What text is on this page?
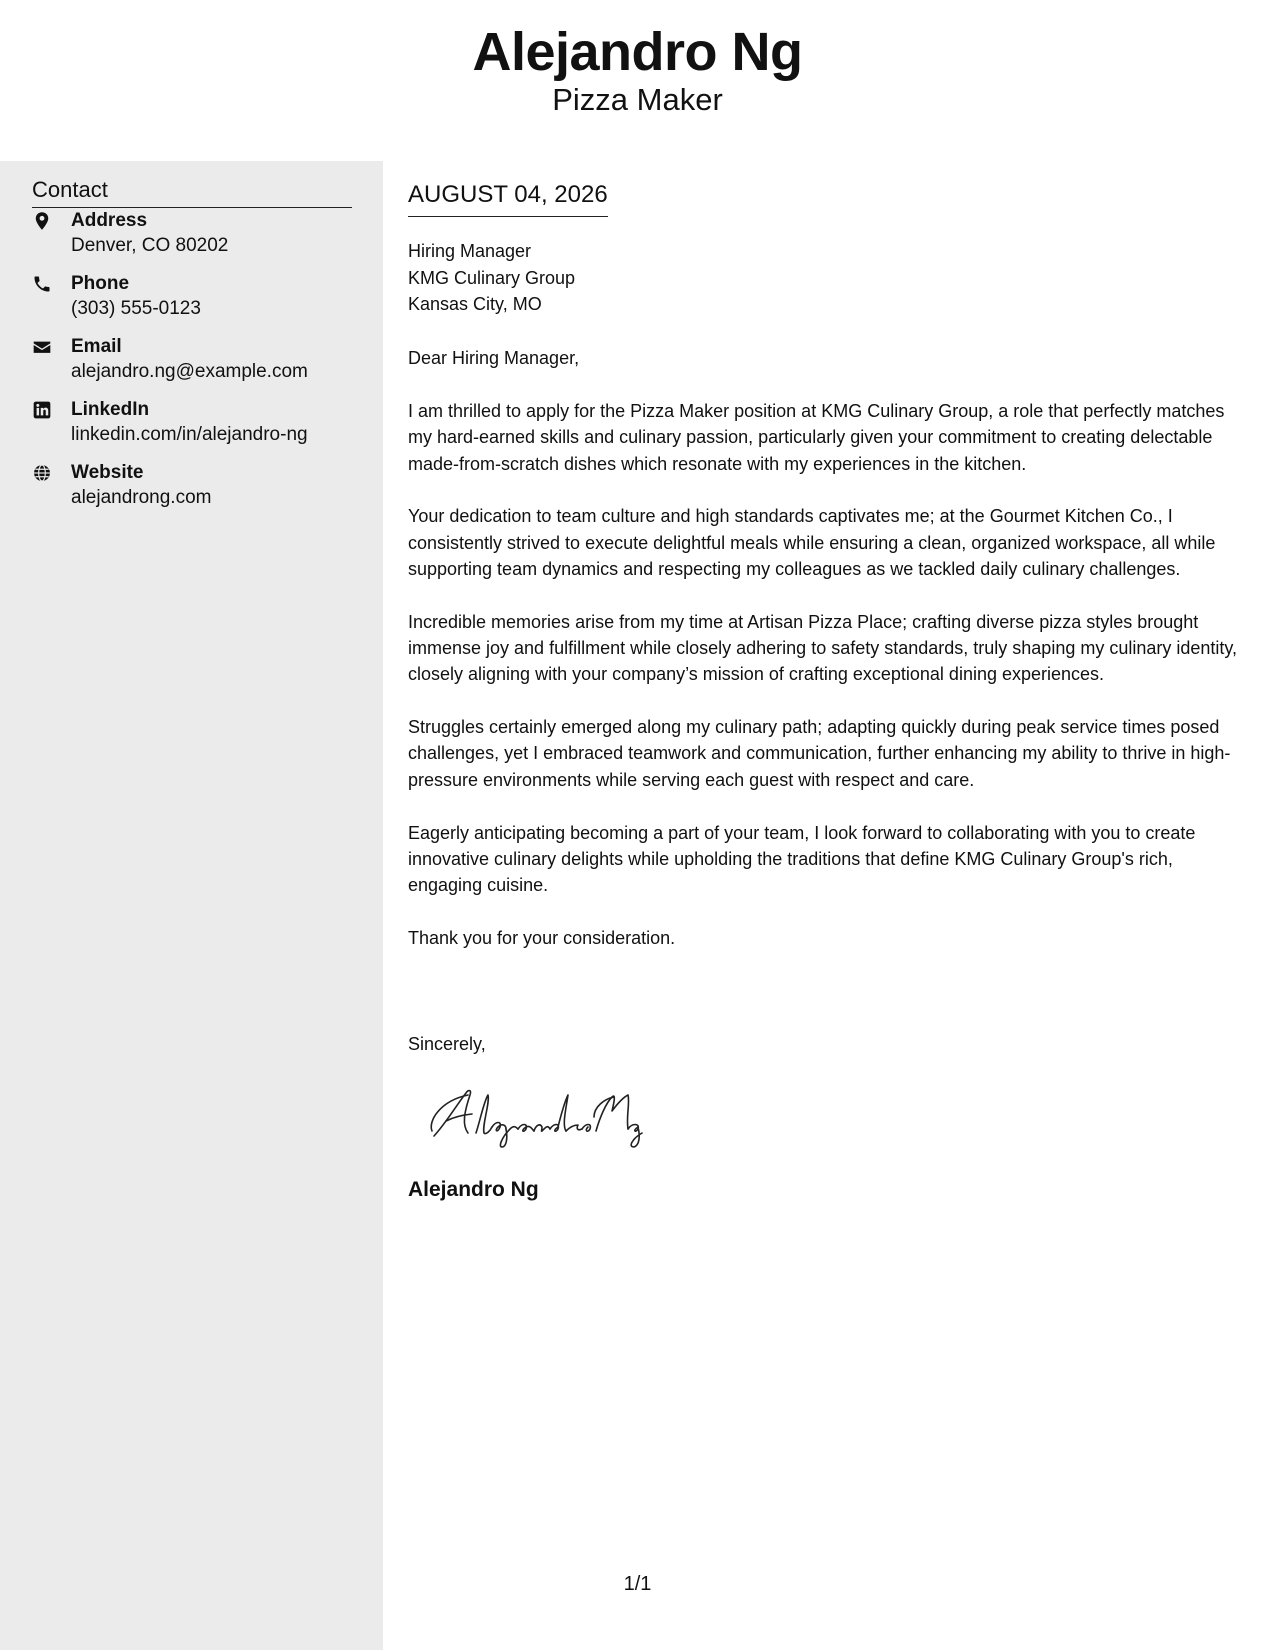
Alejandro Ng
Pizza Maker
Contact
Address
Denver, CO 80202
Phone
(303) 555-0123
Email
alejandro.ng@example.com
LinkedIn
linkedin.com/in/alejandro-ng
Website
alejandrong.com
AUGUST 04, 2026
Hiring Manager
KMG Culinary Group
Kansas City, MO
Dear Hiring Manager,

I am thrilled to apply for the Pizza Maker position at KMG Culinary Group, a role that perfectly matches my hard-earned skills and culinary passion, particularly given your commitment to creating delectable made-from-scratch dishes which resonate with my experiences in the kitchen.

Your dedication to team culture and high standards captivates me; at the Gourmet Kitchen Co., I consistently strived to execute delightful meals while ensuring a clean, organized workspace, all while supporting team dynamics and respecting my colleagues as we tackled daily culinary challenges.

Incredible memories arise from my time at Artisan Pizza Place; crafting diverse pizza styles brought immense joy and fulfillment while closely adhering to safety standards, truly shaping my culinary identity, closely aligning with your company’s mission of crafting exceptional dining experiences.

Struggles certainly emerged along my culinary path; adapting quickly during peak service times posed challenges, yet I embraced teamwork and communication, further enhancing my ability to thrive in high-pressure environments while serving each guest with respect and care.

Eagerly anticipating becoming a part of your team, I look forward to collaborating with you to create innovative culinary delights while upholding the traditions that define KMG Culinary Group's rich, engaging cuisine.

Thank you for your consideration.

Sincerely,
Alejandro Ng
1/1
